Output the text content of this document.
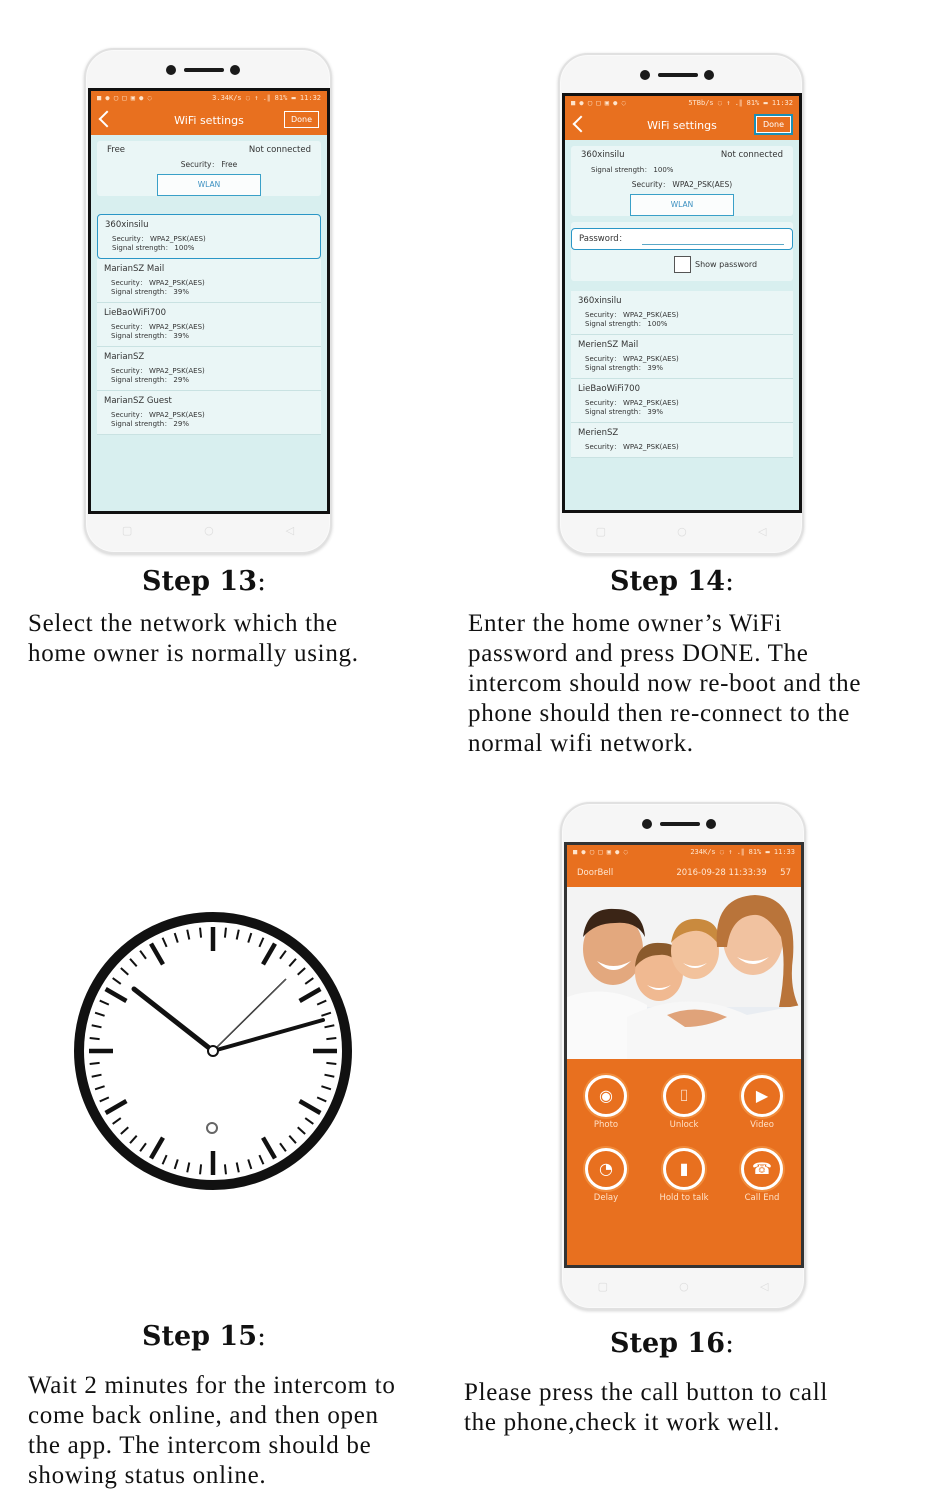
■ ● ▢ □ ▣ ● ◌	3.34K/s ◌ ↑ .∥ 81% ▬ 11:32
WiFi settings	Done
Free	Not connected
Security： Free
WLAN
360xinsilu
Security： WPA2_PSK(AES)
Signal strength： 100%
MarianSZ Mail
Security： WPA2_PSK(AES)
Signal strength： 39%
LieBaoWiFi700
Security： WPA2_PSK(AES)
Signal strength： 39%
MarianSZ
Security： WPA2_PSK(AES)
Signal strength： 29%
MarianSZ Guest
Security： WPA2_PSK(AES)
Signal strength： 29%
▢	○	◁
■ ● ▢ □ ▣ ● ◌	5TBb/s ◌ ↑ .∥ 81% ▬ 11:32
WiFi settings	Done
360xinsilu	Not connected
Signal strength： 100%
Security： WPA2_PSK(AES)
WLAN
Password：
Show password
360xinsilu
Security： WPA2_PSK(AES)
Signal strength： 100%
MerienSZ Mail
Security： WPA2_PSK(AES)
Signal strength： 39%
LieBaoWiFi700
Security： WPA2_PSK(AES)
Signal strength： 39%
MerienSZ
Security： WPA2_PSK(AES)
▢	○	◁
Step 13:
Select the network which the
home owner is normally using.
Step 14:
Enter the home owner’s WiFi
password and press DONE. The
intercom should now re-boot and the
phone should then re-connect to the
normal wifi network.
■ ● ▢ □ ▣ ● ◌	234K/s ◌ ↑ .∥ 81% ▬ 11:33
DoorBell	2016-09-28 11:33:39 57
◉
Photo
⌷
Unlock
▶
Video
◔
Delay
▮
Hold to talk
☎
Call End
▢	○	◁
Step 15:
Wait 2 minutes for the intercom to
come back online, and then open
the app. The intercom should be
showing status online.
Step 16:
Please press the call button to call
the phone,check it work well.
